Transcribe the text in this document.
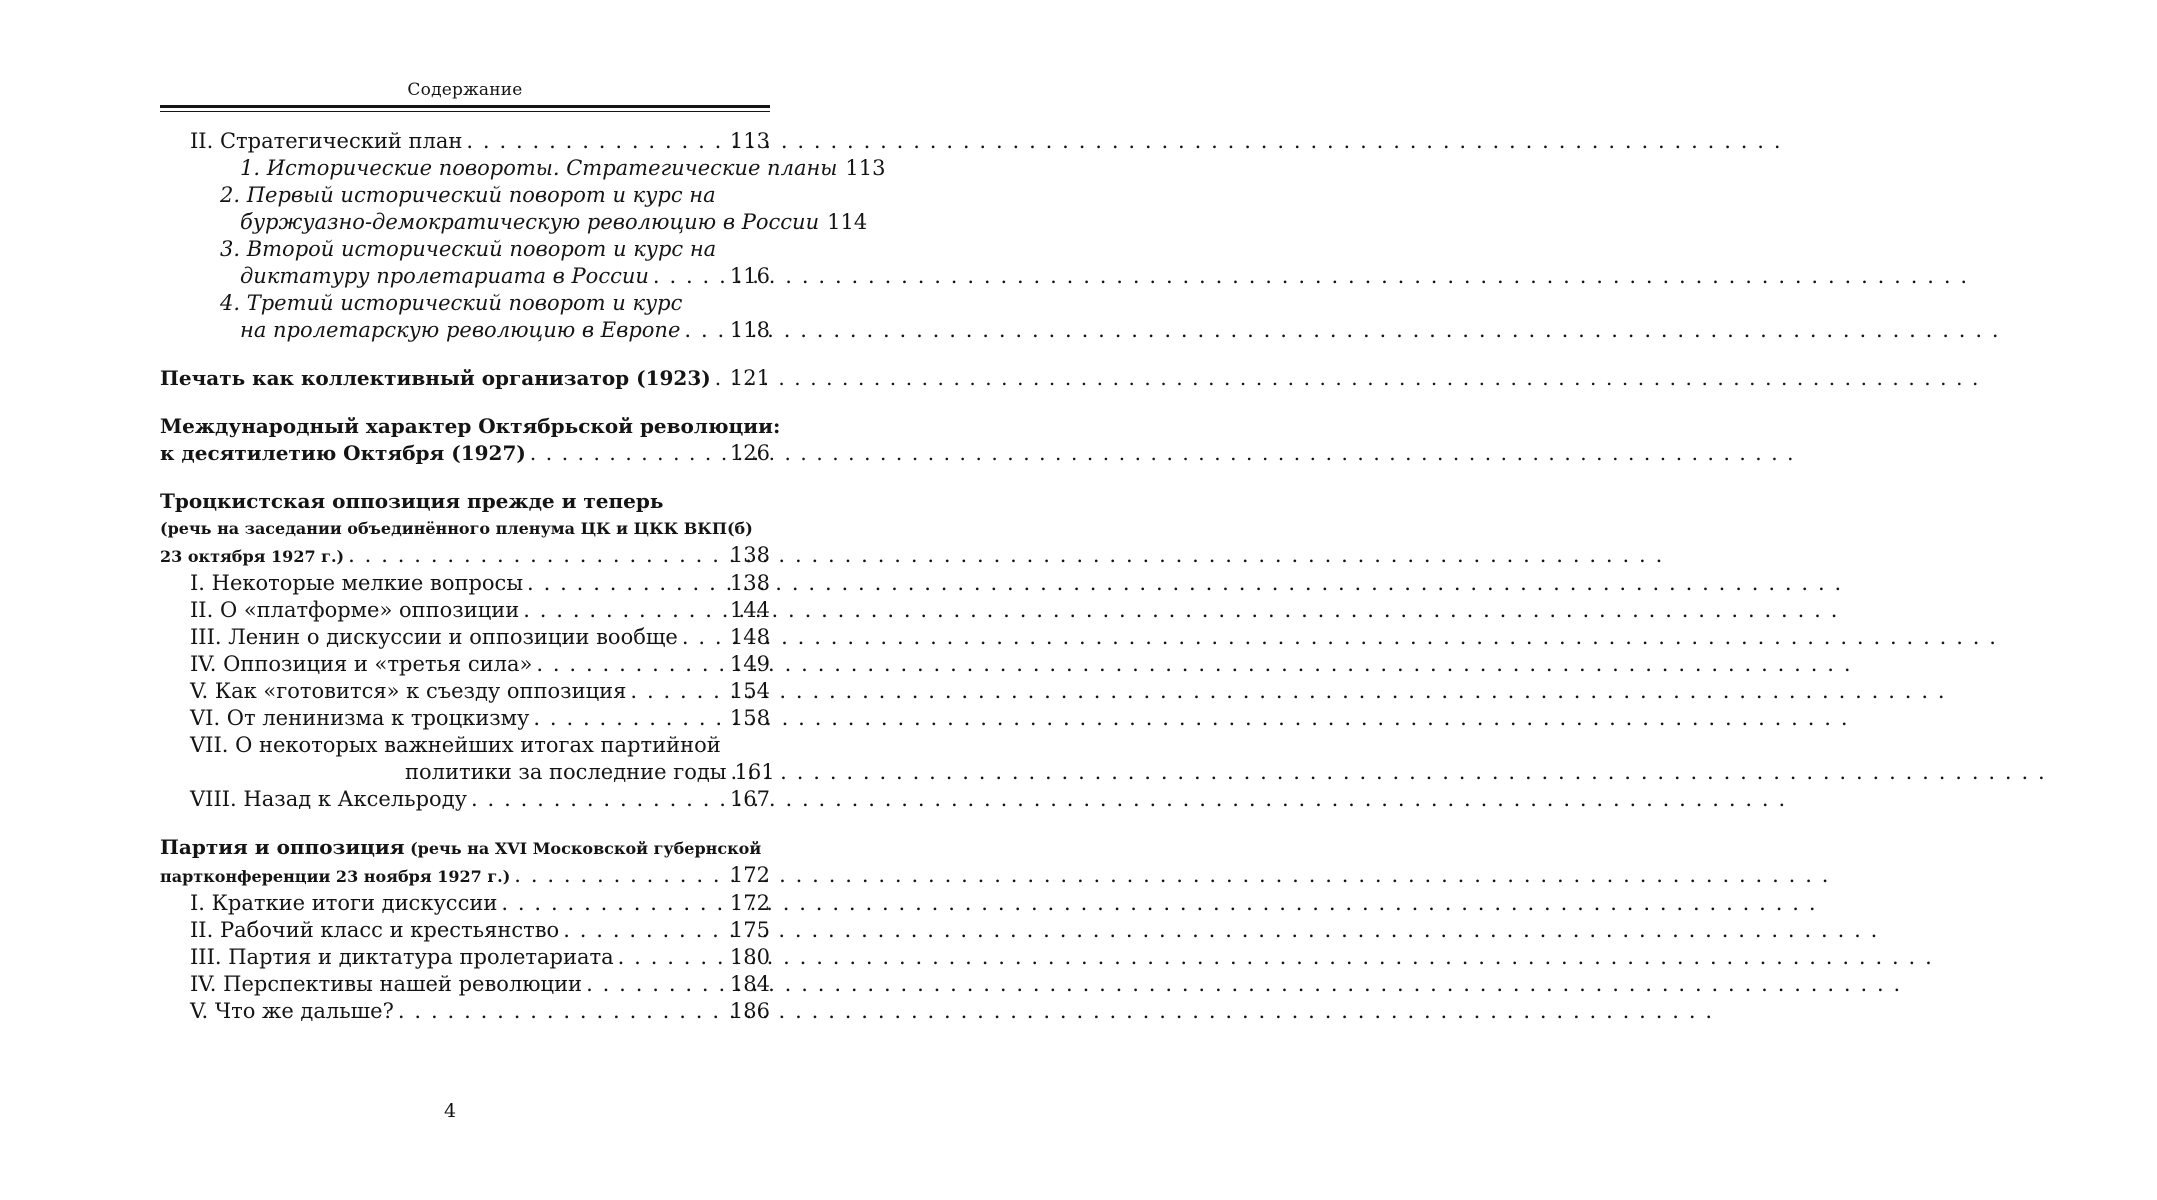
Содержание
II. Стратегический план . . .	113
1. Исторические повороты. Стратегические планы 113
2. Первый исторический поворот и курс на
буржуазно-демократическую революцию в России 114
3. Второй исторический поворот и курс на
диктатуру пролетариата в России . . .	116
4. Третий исторический поворот и курс
на пролетарскую революцию в Европе . . . 118
Печать как коллективный организатор (1923) . . . 121
Международный характер Октябрьской революции:
к десятилетию Октября (1927) . . .	126
Троцкистская оппозиция прежде и теперь
(речь на заседании объединённого пленума ЦК и ЦКК ВКП(б)
23 октября 1927 г.) . . .	138
I. Некоторые мелкие вопросы . . .	138
II. О «платформе» оппозиции . . .	144
III. Ленин о дискуссии и оппозиции вообще . . . 148
IV. Оппозиция и «третья сила» . . .	149
V. Как «готовится» к съезду оппозиция . . .	154
VI. От ленинизма к троцкизму . . .	158
VII. О некоторых важнейших итогах партийной
политики за последние годы 161
VIII. Назад к Аксельроду . . .	167
Партия и оппозиция (речь на XVI Московской губернской
партконференции 23 ноября 1927 г.) . . .	172
I. Краткие итоги дискуссии . . .	172
II. Рабочий класс и крестьянство . . .	175
III. Партия и диктатура пролетариата . . .	180
IV. Перспективы нашей революции . . .	184
V. Что же дальше? . . .	186
4
